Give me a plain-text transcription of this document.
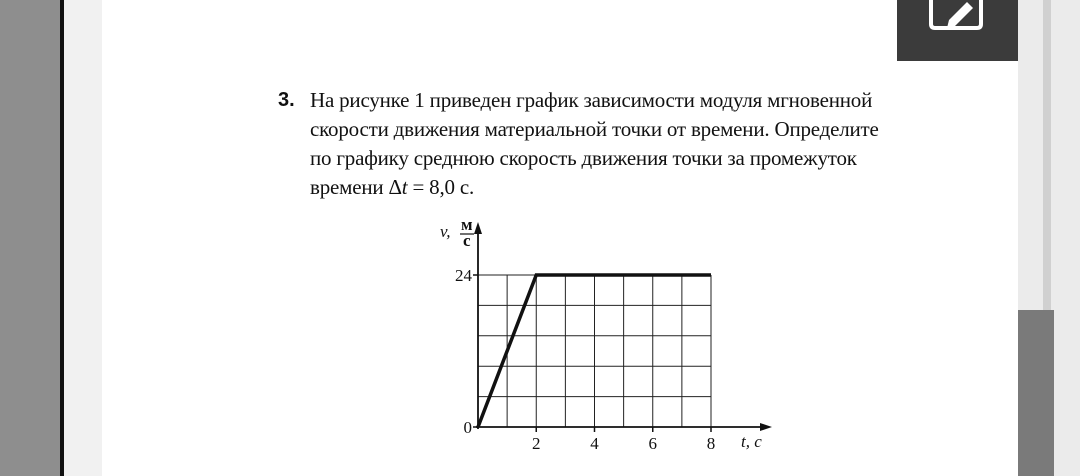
3. На рисунке 1 приведен график зависимости модуля мгновенной
скорости движения материальной точки от времени. Определите
по графику среднюю скорость движения точки за промежуток
времени Δt = 8,0 с.
2	4	6	8
0
24
v, м
с
t, с
